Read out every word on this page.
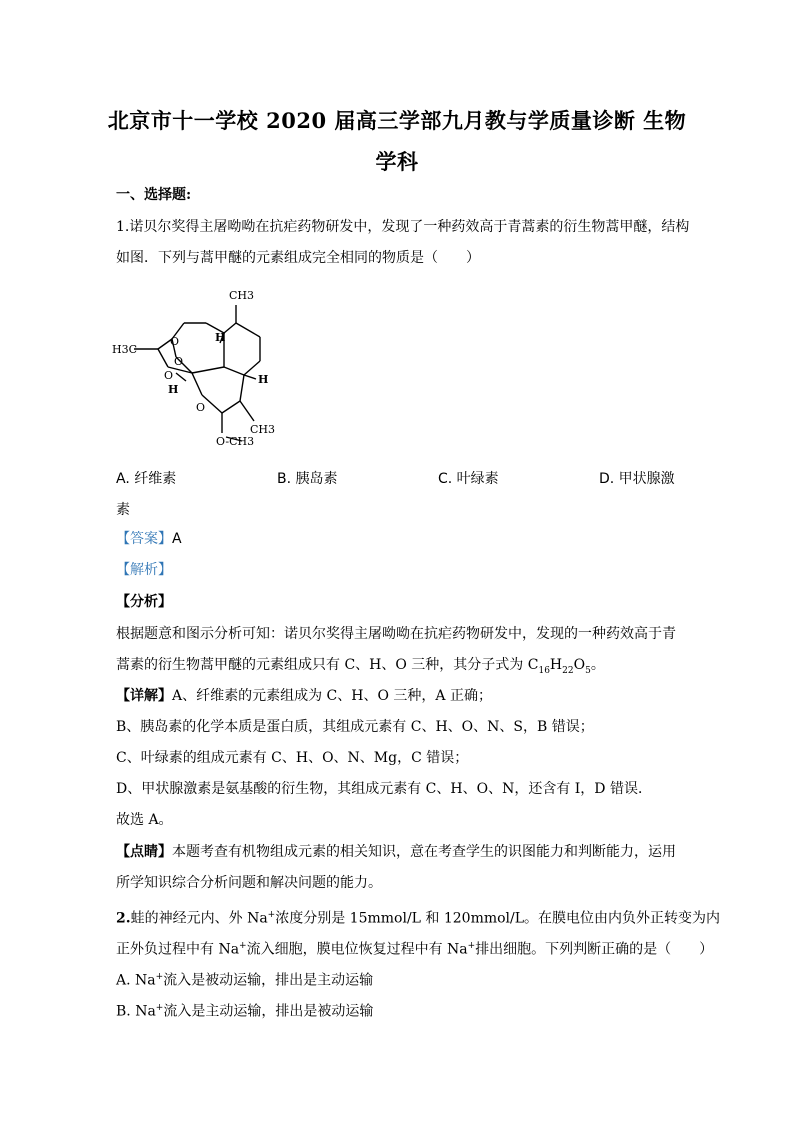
北京市十一学校 2020 届高三学部九月教与学质量诊断 生物
学科
一、选择题:
1.诺贝尔奖得主屠呦呦在抗疟药物研发中，发现了一种药效高于青蒿素的衍生物蒿甲醚，结构
如图．下列与蒿甲醚的元素组成完全相同的物质是（　　）
CH3
H3C
H
H
H
CH3
O
O
O
O
O-CH3
A. 纤维素	B. 胰岛素	C. 叶绿素	D. 甲状腺激
素
【答案】A
【解析】
【分析】
根据题意和图示分析可知：诺贝尔奖得主屠呦呦在抗疟药物研发中，发现的一种药效高于青
蒿素的衍生物蒿甲醚的元素组成只有 C、H、O 三种，其分子式为 $C_{16}H_{22}O_5$。
【详解】A、纤维素的元素组成为 C、H、O 三种，A 正确；
B、胰岛素的化学本质是蛋白质，其组成元素有 C、H、O、N、S，B 错误；
C、叶绿素的组成元素有 C、H、O、N、Mg，C 错误；
D、甲状腺激素是氨基酸的衍生物，其组成元素有 C、H、O、N，还含有 I，D 错误．
故选 A。
【点睛】本题考查有机物组成元素的相关知识，意在考查学生的识图能力和判断能力，运用
所学知识综合分析问题和解决问题的能力。
2.蛙的神经元内、外 Na+浓度分别是 15mmol/L 和 120mmol/L。在膜电位由内负外正转变为内
正外负过程中有 Na+流入细胞，膜电位恢复过程中有 Na+排出细胞。下列判断正确的是（　　）
A. Na+流入是被动运输，排出是主动运输
B. Na+流入是主动运输，排出是被动运输
